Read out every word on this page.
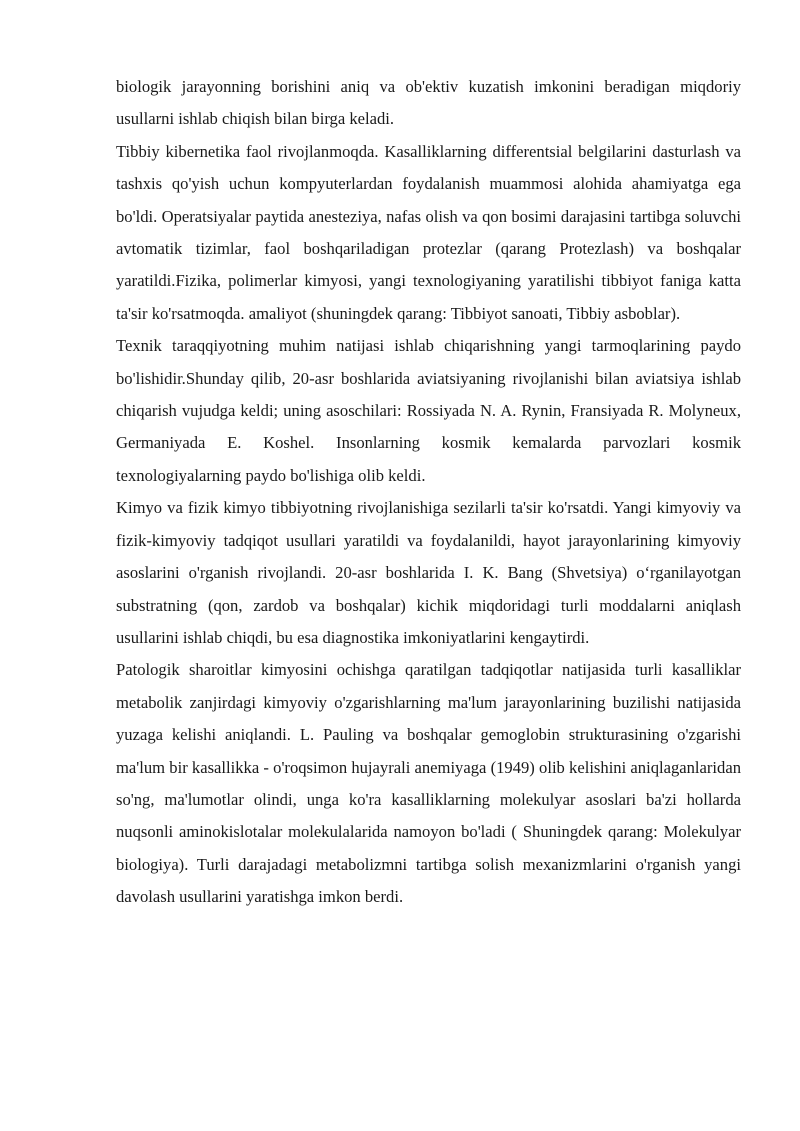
biologik jarayonning borishini aniq va ob'ektiv kuzatish imkonini beradigan miqdoriy usullarni ishlab chiqish bilan birga keladi.

Tibbiy kibernetika faol rivojlanmoqda. Kasalliklarning differentsial belgilarini dasturlash va tashxis qo'yish uchun kompyuterlardan foydalanish muammosi alohida ahamiyatga ega bo'ldi. Operatsiyalar paytida anesteziya, nafas olish va qon bosimi darajasini tartibga soluvchi avtomatik tizimlar, faol boshqariladigan protezlar (qarang Protezlash) va boshqalar yaratildi.Fizika, polimerlar kimyosi, yangi texnologiyaning yaratilishi tibbiyot faniga katta ta'sir ko'rsatmoqda. amaliyot (shuningdek qarang: Tibbiyot sanoati, Tibbiy asboblar).

Texnik taraqqiyotning muhim natijasi ishlab chiqarishning yangi tarmoqlarining paydo bo'lishidir.Shunday qilib, 20-asr boshlarida aviatsiyaning rivojlanishi bilan aviatsiya ishlab chiqarish vujudga keldi; uning asoschilari: Rossiyada N. A. Rynin, Fransiyada R. Molyneux, Germaniyada E. Koshel. Insonlarning kosmik kemalarda parvozlari kosmik texnologiyalarning paydo bo'lishiga olib keldi.

Kimyo va fizik kimyo tibbiyotning rivojlanishiga sezilarli ta'sir ko'rsatdi. Yangi kimyoviy va fizik-kimyoviy tadqiqot usullari yaratildi va foydalanildi, hayot jarayonlarining kimyoviy asoslarini o'rganish rivojlandi. 20-asr boshlarida I. K. Bang (Shvetsiya) o‘rganilayotgan substratning (qon, zardob va boshqalar) kichik miqdoridagi turli moddalarni aniqlash usullarini ishlab chiqdi, bu esa diagnostika imkoniyatlarini kengaytirdi.

Patologik sharoitlar kimyosini ochishga qaratilgan tadqiqotlar natijasida turli kasalliklar metabolik zanjirdagi kimyoviy o'zgarishlarning ma'lum jarayonlarining buzilishi natijasida yuzaga kelishi aniqlandi. L. Pauling va boshqalar gemoglobin strukturasining o'zgarishi ma'lum bir kasallikka - o'roqsimon hujayrali anemiyaga (1949) olib kelishini aniqlaganlaridan so'ng, ma'lumotlar olindi, unga ko'ra kasalliklarning molekulyar asoslari ba'zi hollarda nuqsonli aminokislotalar molekulalarida namoyon bo'ladi ( Shuningdek qarang: Molekulyar biologiya). Turli darajadagi metabolizmni tartibga solish mexanizmlarini o'rganish yangi davolash usullarini yaratishga imkon berdi.
